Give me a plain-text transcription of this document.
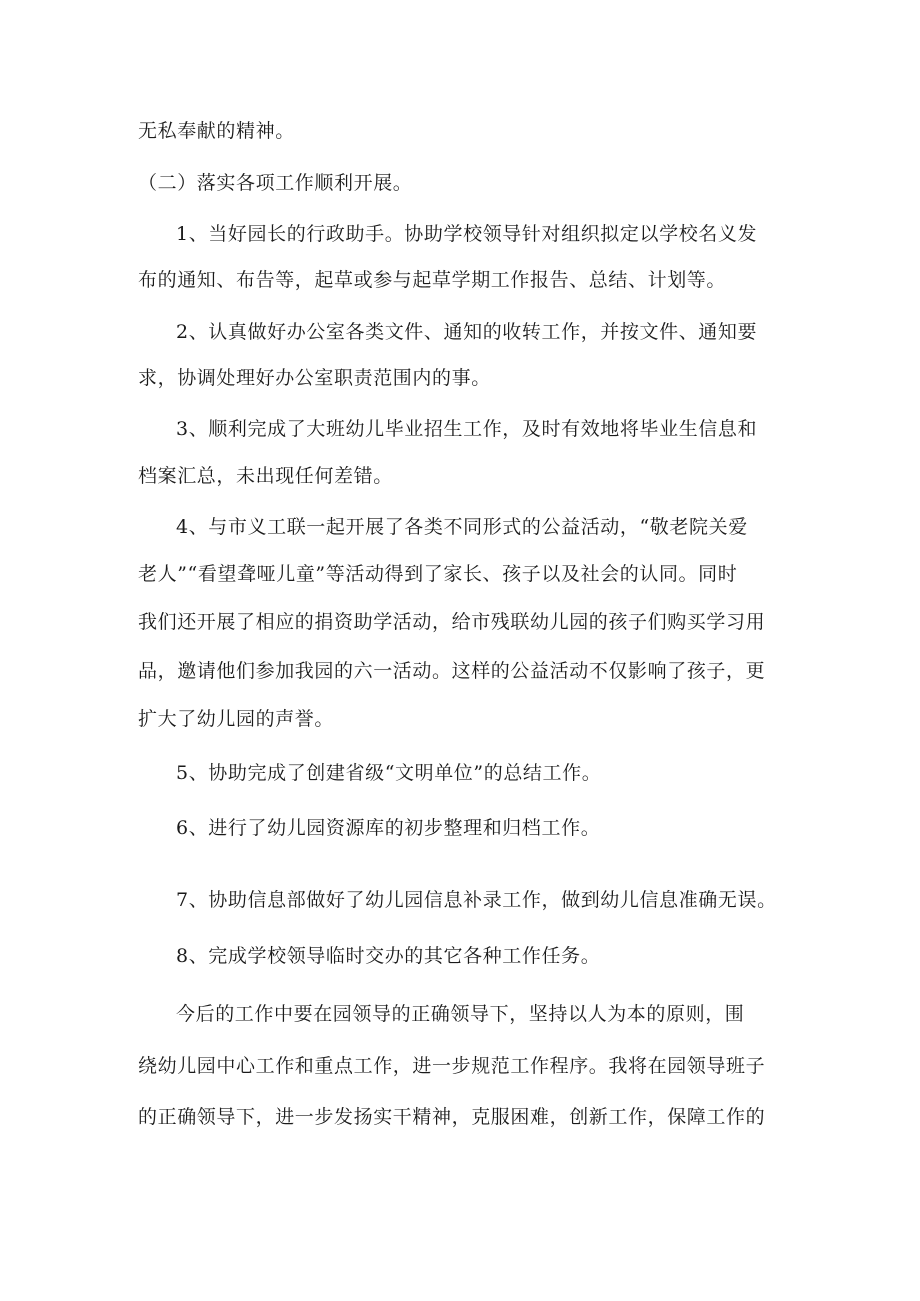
无私奉献的精神。
（二）落实各项工作顺利开展。
1、当好园长的行政助手。协助学校领导针对组织拟定以学校名义发
布的通知、布告等，起草或参与起草学期工作报告、总结、计划等。
2、认真做好办公室各类文件、通知的收转工作，并按文件、通知要
求，协调处理好办公室职责范围内的事。
3、顺利完成了大班幼儿毕业招生工作，及时有效地将毕业生信息和
档案汇总，未出现任何差错。
4、与市义工联一起开展了各类不同形式的公益活动，“敬老院关爱
老人”“看望聋哑儿童”等活动得到了家长、孩子以及社会的认同。同时
我们还开展了相应的捐资助学活动，给市残联幼儿园的孩子们购买学习用
品，邀请他们参加我园的六一活动。这样的公益活动不仅影响了孩子，更
扩大了幼儿园的声誉。
5、协助完成了创建省级“文明单位”的总结工作。
6、进行了幼儿园资源库的初步整理和归档工作。
7、协助信息部做好了幼儿园信息补录工作，做到幼儿信息准确无误。
8、完成学校领导临时交办的其它各种工作任务。
今后的工作中要在园领导的正确领导下，坚持以人为本的原则，围
绕幼儿园中心工作和重点工作，进一步规范工作程序。我将在园领导班子
的正确领导下，进一步发扬实干精神，克服困难，创新工作，保障工作的
